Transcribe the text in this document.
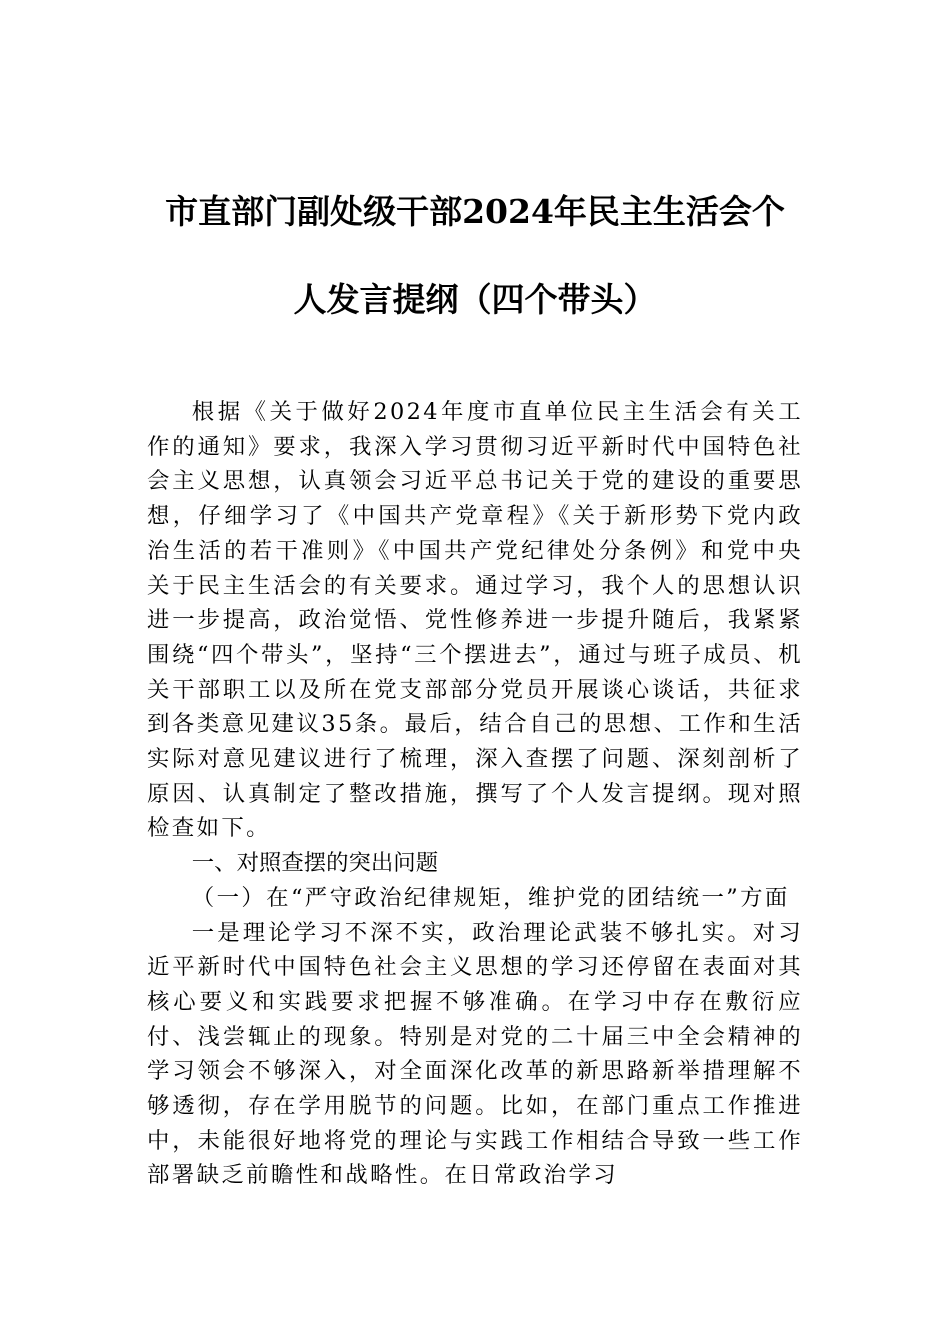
市直部门副处级干部2024年民主生活会个人发言提纲（四个带头）

根据《关于做好2024年度市直单位民主生活会有关工作的通知》要求，我深入学习贯彻习近平新时代中国特色社会主义思想，认真领会习近平总书记关于党的建设的重要思想，仔细学习了《中国共产党章程》《关于新形势下党内政治生活的若干准则》《中国共产党纪律处分条例》和党中央关于民主生活会的有关要求。通过学习，我个人的思想认识进一步提高，政治觉悟、党性修养进一步提升随后，我紧紧围绕“四个带头”，坚持“三个摆进去”，通过与班子成员、机关干部职工以及所在党支部部分党员开展谈心谈话，共征求到各类意见建议35条。最后，结合自己的思想、工作和生活实际对意见建议进行了梳理，深入查摆了问题、深刻剖析了原因、认真制定了整改措施，撰写了个人发言提纲。现对照检查如下。

一、对照查摆的突出问题

（一）在“严守政治纪律规矩，维护党的团结统一”方面

一是理论学习不深不实，政治理论武装不够扎实。对习近平新时代中国特色社会主义思想的学习还停留在表面对其核心要义和实践要求把握不够准确。在学习中存在敷衍应付、浅尝辄止的现象。特别是对党的二十届三中全会精神的学习领会不够深入，对全面深化改革的新思路新举措理解不够透彻，存在学用脱节的问题。比如，在部门重点工作推进中，未能很好地将党的理论与实践工作相结合导致一些工作部署缺乏前瞻性和战略性。在日常政治学习
